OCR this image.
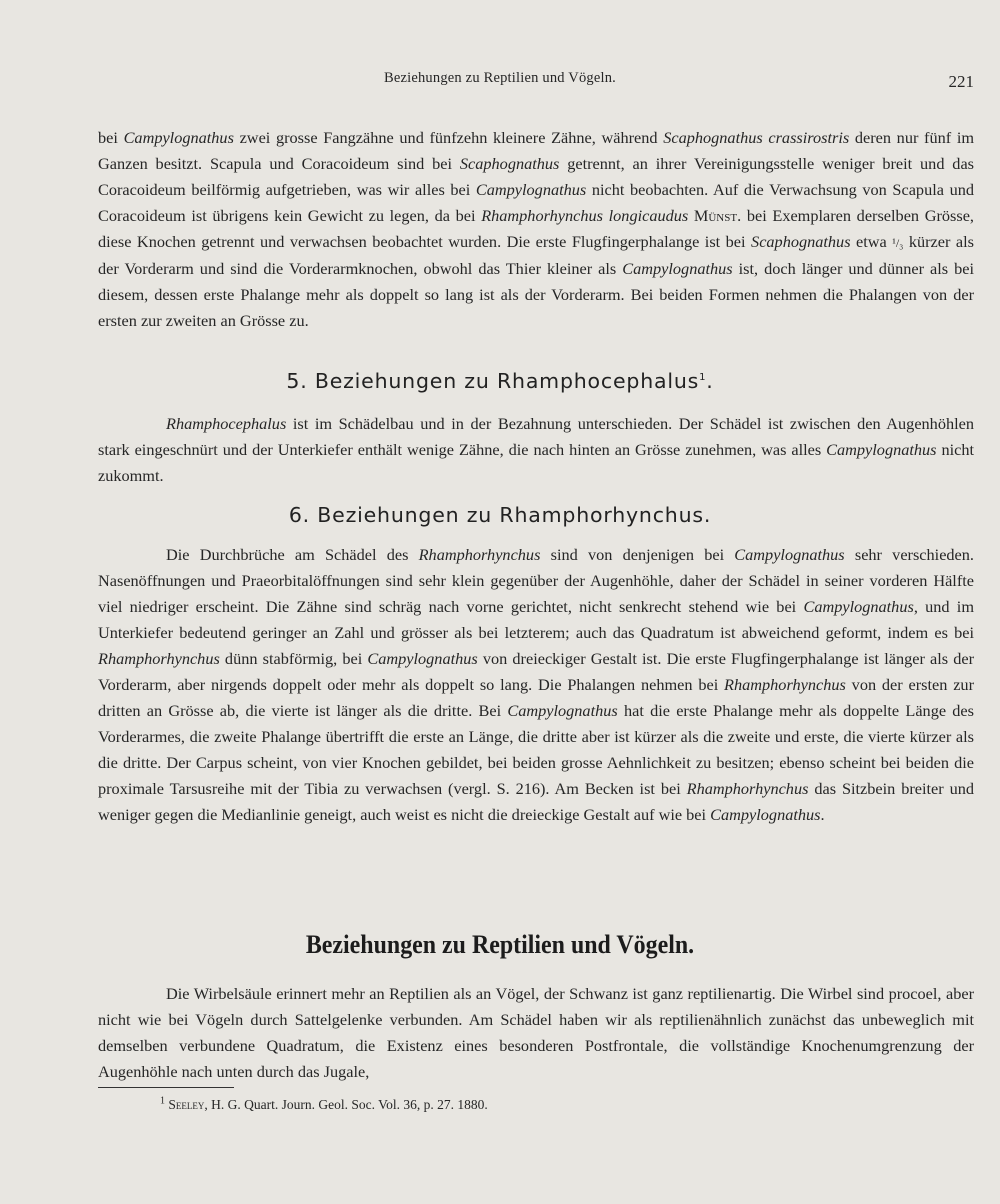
Beziehungen zu Reptilien und Vögeln.	221

bei Campylognathus zwei grosse Fangzähne und fünfzehn kleinere Zähne, während Scaphognathus crassirostris deren nur fünf im Ganzen besitzt. Scapula und Coracoideum sind bei Scaphognathus getrennt, an ihrer Vereinigungsstelle weniger breit und das Coracoideum beilförmig aufgetrieben, was wir alles bei Campylognathus nicht beobachten. Auf die Verwachsung von Scapula und Coracoideum ist übrigens kein Gewicht zu legen, da bei Rhamphorhynchus longicaudus Münst. bei Exemplaren derselben Grösse, diese Knochen getrennt und verwachsen beobachtet wurden. Die erste Flugfingerphalange ist bei Scaphognathus etwa ¹/₃ kürzer als der Vorderarm und sind die Vorderarmknochen, obwohl das Thier kleiner als Campylognathus ist, doch länger und dünner als bei diesem, dessen erste Phalange mehr als doppelt so lang ist als der Vorderarm. Bei beiden Formen nehmen die Phalangen von der ersten zur zweiten an Grösse zu.

5. Beziehungen zu Rhamphocephalus$^1$.

Rhamphocephalus ist im Schädelbau und in der Bezahnung unterschieden. Der Schädel ist zwischen den Augenhöhlen stark eingeschnürt und der Unterkiefer enthält wenige Zähne, die nach hinten an Grösse zunehmen, was alles Campylognathus nicht zukommt.

6. Beziehungen zu Rhamphorhynchus.

Die Durchbrüche am Schädel des Rhamphorhynchus sind von denjenigen bei Campylognathus sehr verschieden. Nasenöffnungen und Praeorbitalöffnungen sind sehr klein gegenüber der Augenhöhle, daher der Schädel in seiner vorderen Hälfte viel niedriger erscheint. Die Zähne sind schräg nach vorne gerichtet, nicht senkrecht stehend wie bei Campylognathus, und im Unterkiefer bedeutend geringer an Zahl und grösser als bei letzterem; auch das Quadratum ist abweichend geformt, indem es bei Rhamphorhynchus dünn stabförmig, bei Campylognathus von dreieckiger Gestalt ist. Die erste Flugfingerphalange ist länger als der Vorderarm, aber nirgends doppelt oder mehr als doppelt so lang. Die Phalangen nehmen bei Rhamphorhynchus von der ersten zur dritten an Grösse ab, die vierte ist länger als die dritte. Bei Campylognathus hat die erste Phalange mehr als doppelte Länge des Vorderarmes, die zweite Phalange übertrifft die erste an Länge, die dritte aber ist kürzer als die zweite und erste, die vierte kürzer als die dritte. Der Carpus scheint, von vier Knochen gebildet, bei beiden grosse Aehnlichkeit zu besitzen; ebenso scheint bei beiden die proximale Tarsusreihe mit der Tibia zu verwachsen (vergl. S. 216). Am Becken ist bei Rhamphorhynchus das Sitzbein breiter und weniger gegen die Medianlinie geneigt, auch weist es nicht die dreieckige Gestalt auf wie bei Campylognathus.

Beziehungen zu Reptilien und Vögeln.

Die Wirbelsäule erinnert mehr an Reptilien als an Vögel, der Schwanz ist ganz reptilienartig. Die Wirbel sind procoel, aber nicht wie bei Vögeln durch Sattelgelenke verbunden. Am Schädel haben wir als reptilienähnlich zunächst das unbeweglich mit demselben verbundene Quadratum, die Existenz eines besonderen Postfrontale, die vollständige Knochenumgrenzung der Augenhöhle nach unten durch das Jugale,

$^1$ Seeley, H. G. Quart. Journ. Geol. Soc. Vol. 36, p. 27. 1880.
